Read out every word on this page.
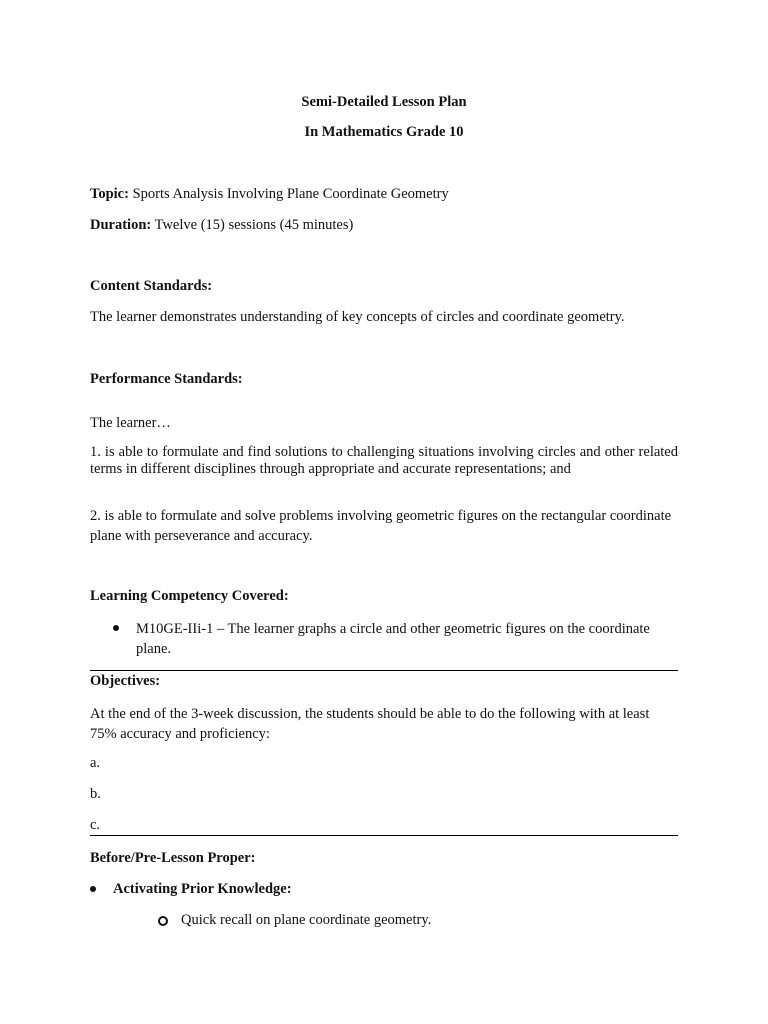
Semi-Detailed Lesson Plan
In Mathematics Grade 10
Topic: Sports Analysis Involving Plane Coordinate Geometry
Duration: Twelve (15) sessions (45 minutes)
Content Standards:
The learner demonstrates understanding of key concepts of circles and coordinate geometry.
Performance Standards:
The learner…
1. is able to formulate and find solutions to challenging situations involving circles and other related terms in different disciplines through appropriate and accurate representations; and
2. is able to formulate and solve problems involving geometric figures on the rectangular coordinate plane with perseverance and accuracy.
Learning Competency Covered:
M10GE-IIi-1 – The learner graphs a circle and other geometric figures on the coordinate plane.
Objectives:
At the end of the 3-week discussion, the students should be able to do the following with at least 75% accuracy and proficiency:
a.
b.
c.
Before/Pre-Lesson Proper:
Activating Prior Knowledge:
Quick recall on plane coordinate geometry.
